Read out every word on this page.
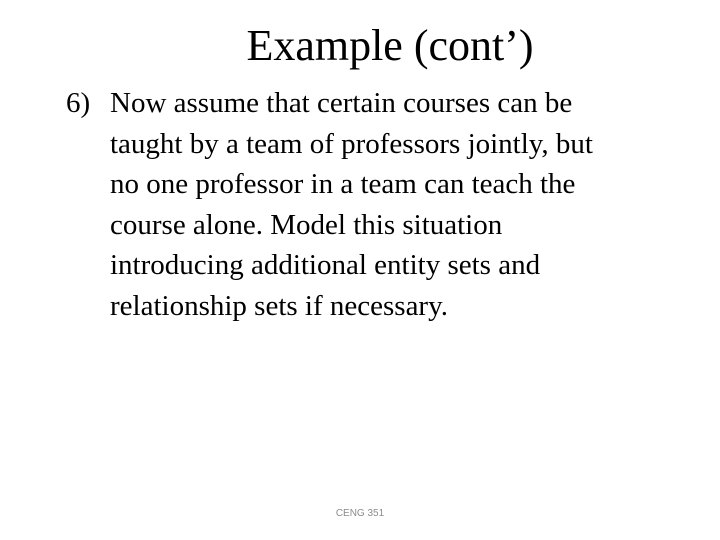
Example (cont’)
6) Now assume that certain courses can be
taught by a team of professors jointly, but
no one professor in a team can teach the
course alone. Model this situation
introducing additional entity sets and
relationship sets if necessary.
CENG 351
